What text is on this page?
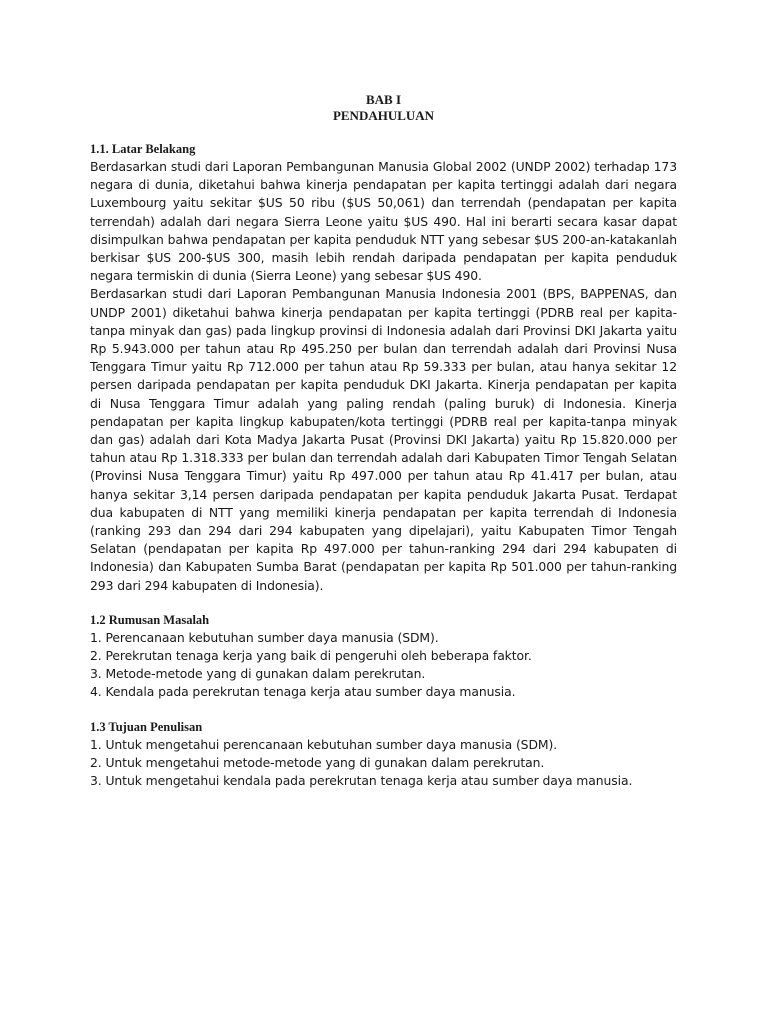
BAB I

PENDAHULUAN

1.1. Latar Belakang

Berdasarkan studi dari Laporan Pembangunan Manusia Global 2002 (UNDP 2002) terhadap 173 negara di dunia, diketahui bahwa kinerja pendapatan per kapita tertinggi adalah dari negara Luxembourg yaitu sekitar $US 50 ribu ($US 50,061) dan terrendah (pendapatan per kapita terrendah) adalah dari negara Sierra Leone yaitu $US 490. Hal ini berarti secara kasar dapat disimpulkan bahwa pendapatan per kapita penduduk NTT yang sebesar $US 200-an-katakanlah berkisar $US 200-$US 300, masih lebih rendah daripada pendapatan per kapita penduduk negara termiskin di dunia (Sierra Leone) yang sebesar $US 490.

Berdasarkan studi dari Laporan Pembangunan Manusia Indonesia 2001 (BPS, BAPPENAS, dan UNDP 2001) diketahui bahwa kinerja pendapatan per kapita tertinggi (PDRB real per kapita-tanpa minyak dan gas) pada lingkup provinsi di Indonesia adalah dari Provinsi DKI Jakarta yaitu Rp 5.943.000 per tahun atau Rp 495.250 per bulan dan terrendah adalah dari Provinsi Nusa Tenggara Timur yaitu Rp 712.000 per tahun atau Rp 59.333 per bulan, atau hanya sekitar 12 persen daripada pendapatan per kapita penduduk DKI Jakarta. Kinerja pendapatan per kapita di Nusa Tenggara Timur adalah yang paling rendah (paling buruk) di Indonesia. Kinerja pendapatan per kapita lingkup kabupaten/kota tertinggi (PDRB real per kapita-tanpa minyak dan gas) adalah dari Kota Madya Jakarta Pusat (Provinsi DKI Jakarta) yaitu Rp 15.820.000 per tahun atau Rp 1.318.333 per bulan dan terrendah adalah dari Kabupaten Timor Tengah Selatan (Provinsi Nusa Tenggara Timur) yaitu Rp 497.000 per tahun atau Rp 41.417 per bulan, atau hanya sekitar 3,14 persen daripada pendapatan per kapita penduduk Jakarta Pusat. Terdapat dua kabupaten di NTT yang memiliki kinerja pendapatan per kapita terrendah di Indonesia (ranking 293 dan 294 dari 294 kabupaten yang dipelajari), yaitu Kabupaten Timor Tengah Selatan (pendapatan per kapita Rp 497.000 per tahun-ranking 294 dari 294 kabupaten di Indonesia) dan Kabupaten Sumba Barat (pendapatan per kapita Rp 501.000 per tahun-ranking 293 dari 294 kabupaten di Indonesia).

1.2 Rumusan Masalah

1. Perencanaan kebutuhan sumber daya manusia (SDM).
2. Perekrutan tenaga kerja yang baik di pengeruhi oleh beberapa faktor.
3. Metode-metode yang di gunakan dalam perekrutan.
4. Kendala pada perekrutan tenaga kerja atau sumber daya manusia.

1.3 Tujuan Penulisan

1. Untuk mengetahui perencanaan kebutuhan sumber daya manusia (SDM).
2. Untuk mengetahui metode-metode yang di gunakan dalam perekrutan.
3. Untuk mengetahui kendala pada perekrutan tenaga kerja atau sumber daya manusia.
